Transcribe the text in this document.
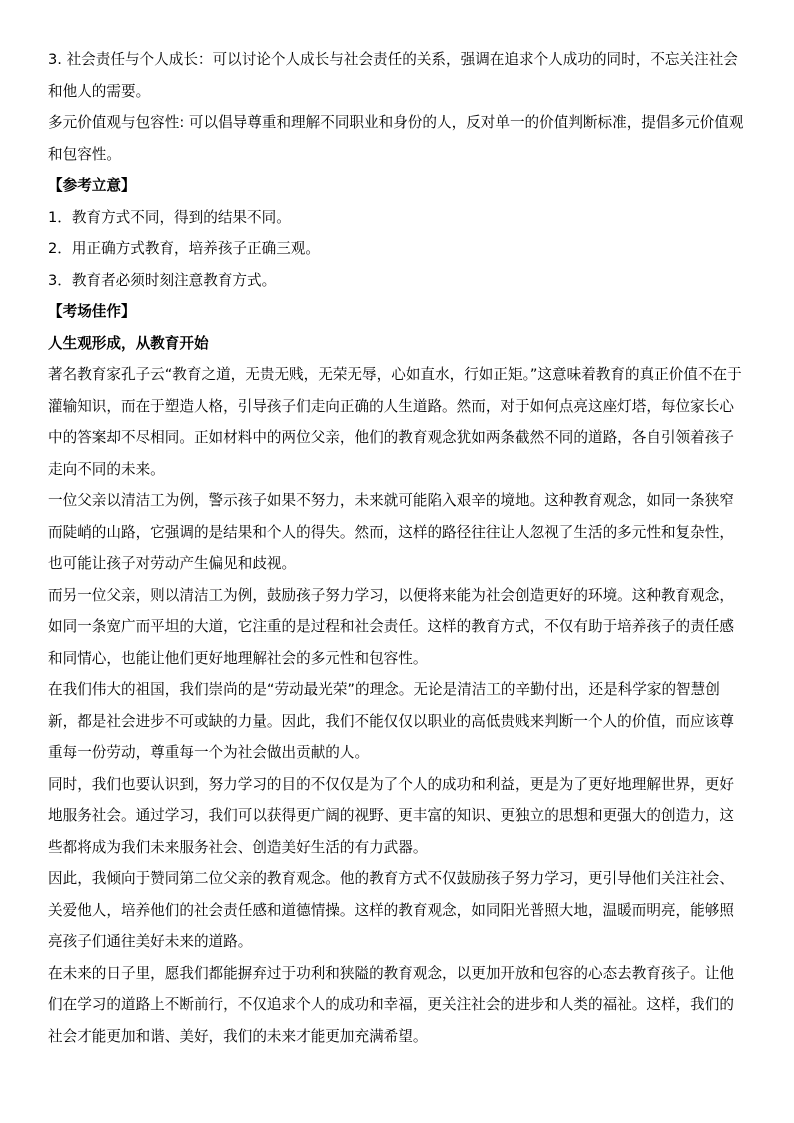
3. 社会责任与个人成长：可以讨论个人成长与社会责任的关系，强调在追求个人成功的同时，不忘关注社会和他人的需要。

多元价值观与包容性: 可以倡导尊重和理解不同职业和身份的人，反对单一的价值判断标准，提倡多元价值观和包容性。

【参考立意】

1．教育方式不同，得到的结果不同。

2．用正确方式教育，培养孩子正确三观。

3．教育者必须时刻注意教育方式。

【考场佳作】

人生观形成，从教育开始

著名教育家孔子云“教育之道，无贵无贱，无荣无辱，心如直水，行如正矩。”这意味着教育的真正价值不在于灌输知识，而在于塑造人格，引导孩子们走向正确的人生道路。然而，对于如何点亮这座灯塔，每位家长心中的答案却不尽相同。正如材料中的两位父亲，他们的教育观念犹如两条截然不同的道路，各自引领着孩子走向不同的未来。

一位父亲以清洁工为例，警示孩子如果不努力，未来就可能陷入艰辛的境地。这种教育观念，如同一条狭窄而陡峭的山路，它强调的是结果和个人的得失。然而，这样的路径往往让人忽视了生活的多元性和复杂性，也可能让孩子对劳动产生偏见和歧视。

而另一位父亲，则以清洁工为例，鼓励孩子努力学习，以便将来能为社会创造更好的环境。这种教育观念，如同一条宽广而平坦的大道，它注重的是过程和社会责任。这样的教育方式，不仅有助于培养孩子的责任感和同情心，也能让他们更好地理解社会的多元性和包容性。

在我们伟大的祖国，我们崇尚的是“劳动最光荣”的理念。无论是清洁工的辛勤付出，还是科学家的智慧创新，都是社会进步不可或缺的力量。因此，我们不能仅仅以职业的高低贵贱来判断一个人的价值，而应该尊重每一份劳动，尊重每一个为社会做出贡献的人。

同时，我们也要认识到，努力学习的目的不仅仅是为了个人的成功和利益，更是为了更好地理解世界，更好地服务社会。通过学习，我们可以获得更广阔的视野、更丰富的知识、更独立的思想和更强大的创造力，这些都将成为我们未来服务社会、创造美好生活的有力武器。

因此，我倾向于赞同第二位父亲的教育观念。他的教育方式不仅鼓励孩子努力学习，更引导他们关注社会、关爱他人，培养他们的社会责任感和道德情操。这样的教育观念，如同阳光普照大地，温暖而明亮，能够照亮孩子们通往美好未来的道路。

在未来的日子里，愿我们都能摒弃过于功利和狭隘的教育观念，以更加开放和包容的心态去教育孩子。让他们在学习的道路上不断前行，不仅追求个人的成功和幸福，更关注社会的进步和人类的福祉。这样，我们的社会才能更加和谐、美好，我们的未来才能更加充满希望。
